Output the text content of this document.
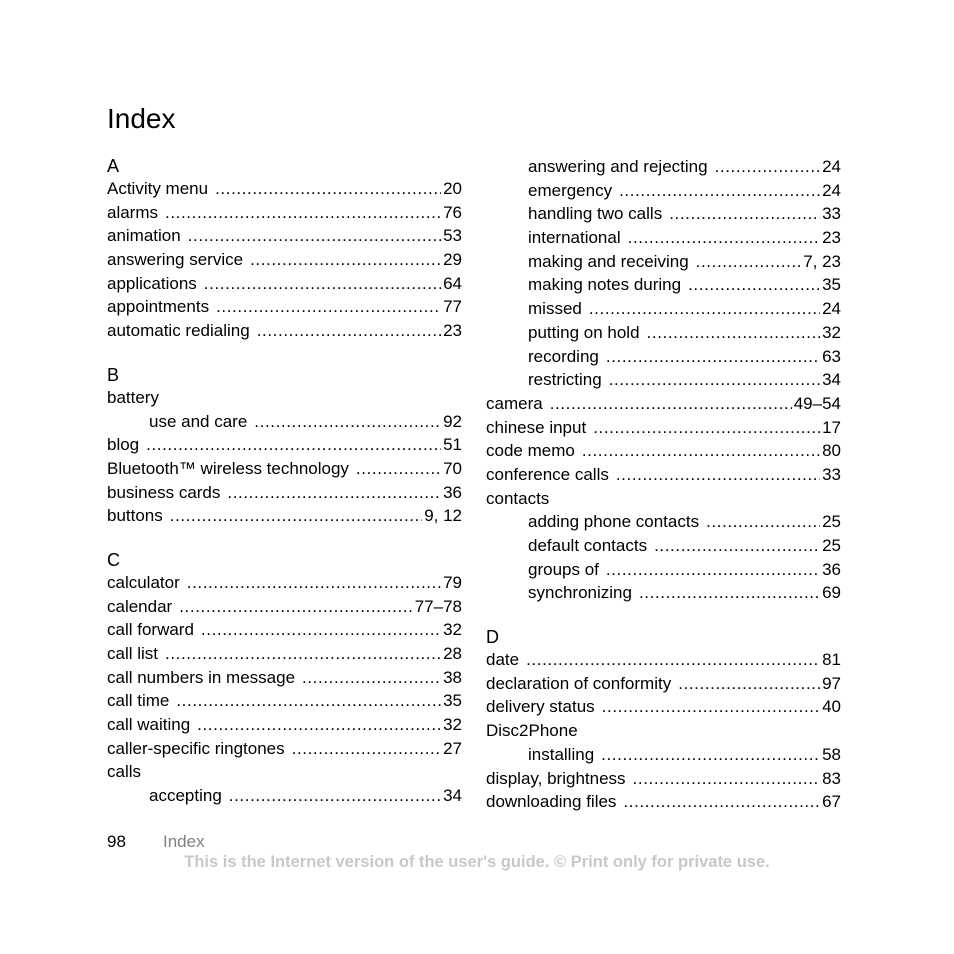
Index
A
Activity menu .....	20
alarms .....	76
animation .....	53
answering service .....	29
applications .....	64
appointments .....	77
automatic redialing .....	23
B
battery
use and care .....	92
blog .....	51
Bluetooth™ wireless technology .....	70
business cards .....	36
buttons .....	9, 12
C
calculator .....	79
calendar .....	77–78
call forward .....	32
call list .....	28
call numbers in message .....	38
call time .....	35
call waiting .....	32
caller-specific ringtones .....	27
calls
accepting .....	34
answering and rejecting .....	24
emergency .....	24
handling two calls .....	33
international .....	23
making and receiving .....	7, 23
making notes during .....	35
missed .....	24
putting on hold .....	32
recording .....	63
restricting .....	34
camera .....	49–54
chinese input .....	17
code memo .....	80
conference calls .....	33
contacts
adding phone contacts .....	25
default contacts .....	25
groups of .....	36
synchronizing .....	69
D
date .....	81
declaration of conformity .....	97
delivery status .....	40
Disc2Phone
installing .....	58
display, brightness .....	83
downloading files .....	67
98 Index
This is the Internet version of the user's guide. © Print only for private use.
